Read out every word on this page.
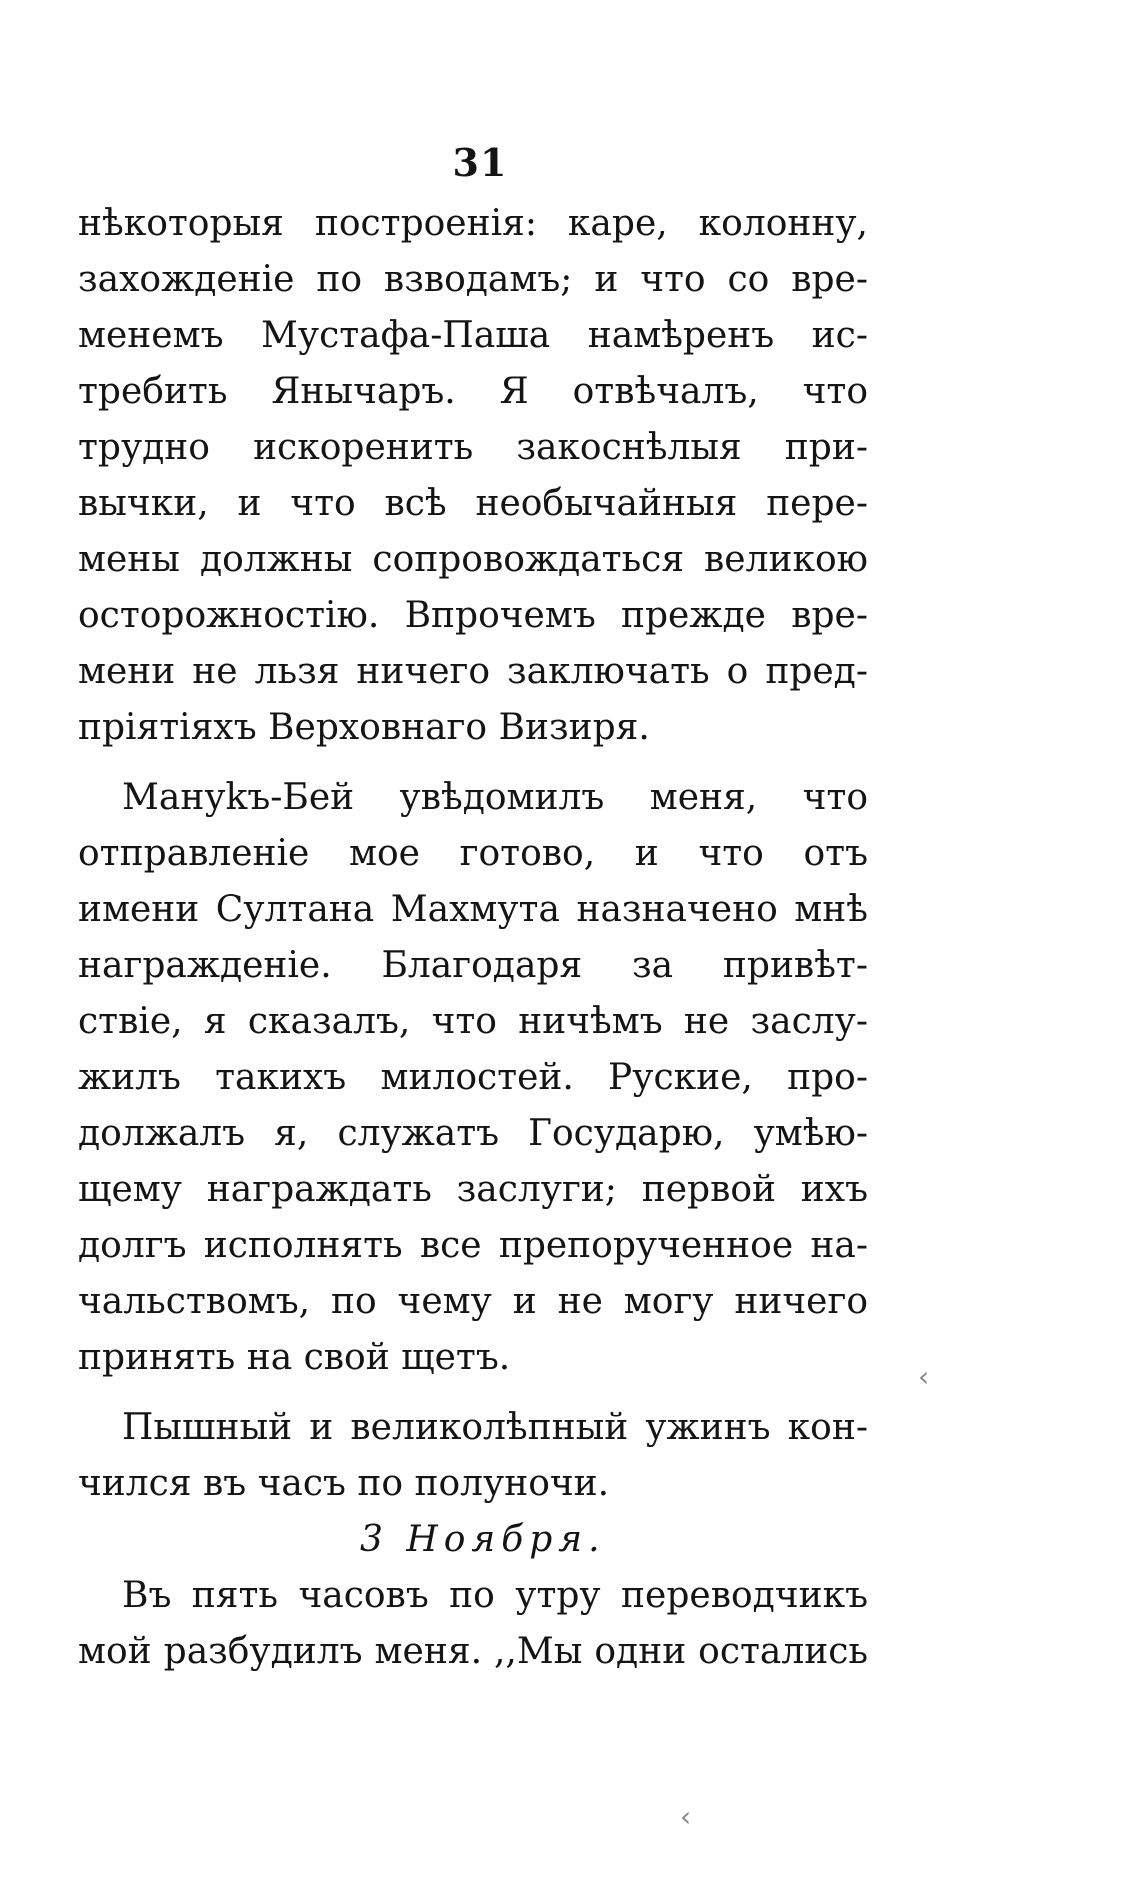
31
нѣкоторыя построенія: каре, колонну,
захожденіе по взводамъ; и что со вре-
менемъ Мустафа-Паша намѣренъ ис-
требить Янычаръ. Я отвѣчалъ, что
трудно искоренить закоснѣлыя при-
вычки, и что всѣ необычайныя пере-
мены должны сопровождаться великою
осторожностію. Впрочемъ прежде вре-
мени не льзя ничего заключать о пред-
пріятіяхъ Верховнаго Визиря.
Мануkъ-Бей увѣдомилъ меня, что
отправленіе мое готово, и что отъ
имени Султана Махмута назначено мнѣ
награжденіе. Благодаря за привѣт-
ствіе, я сказалъ, что ничѣмъ не заслу-
жилъ такихъ милостей. Руские, про-
должалъ я, служатъ Государю, умѣю-
щему награждать заслуги; первой ихъ
долгъ исполнять все препорученное на-
чальствомъ, по чему и не могу ничего
принять на свой щетъ.
Пышный и великолѣпный ужинъ кон-
чился въ часъ по полуночи.
3 Ноября.
Въ пять часовъ по утру переводчикъ
мой разбудилъ меня. ,,Мы одни остались
‹
‹
